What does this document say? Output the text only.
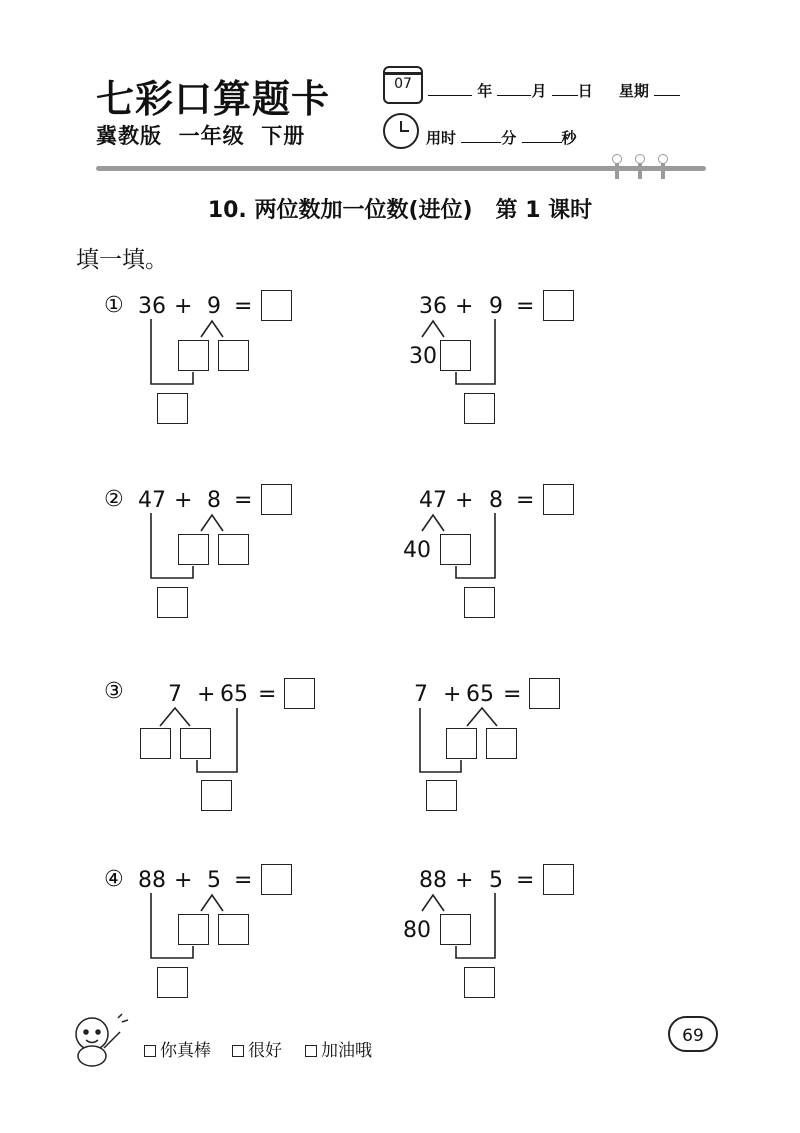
七彩口算题卡
冀教版  一年级  下册
07	年	月 日 星期
用时	分	秒
10. 两位数加一位数(进位)   第 1 课时
填一填。
① 36 + 9 =	36 + 9 =
30
② 47 + 8 =	47 + 8 =
40
③ 7 + 65 =	7 + 65 =
④ 88 + 5 =	88 + 5 =
80
你真棒	很好	加油哦
69
